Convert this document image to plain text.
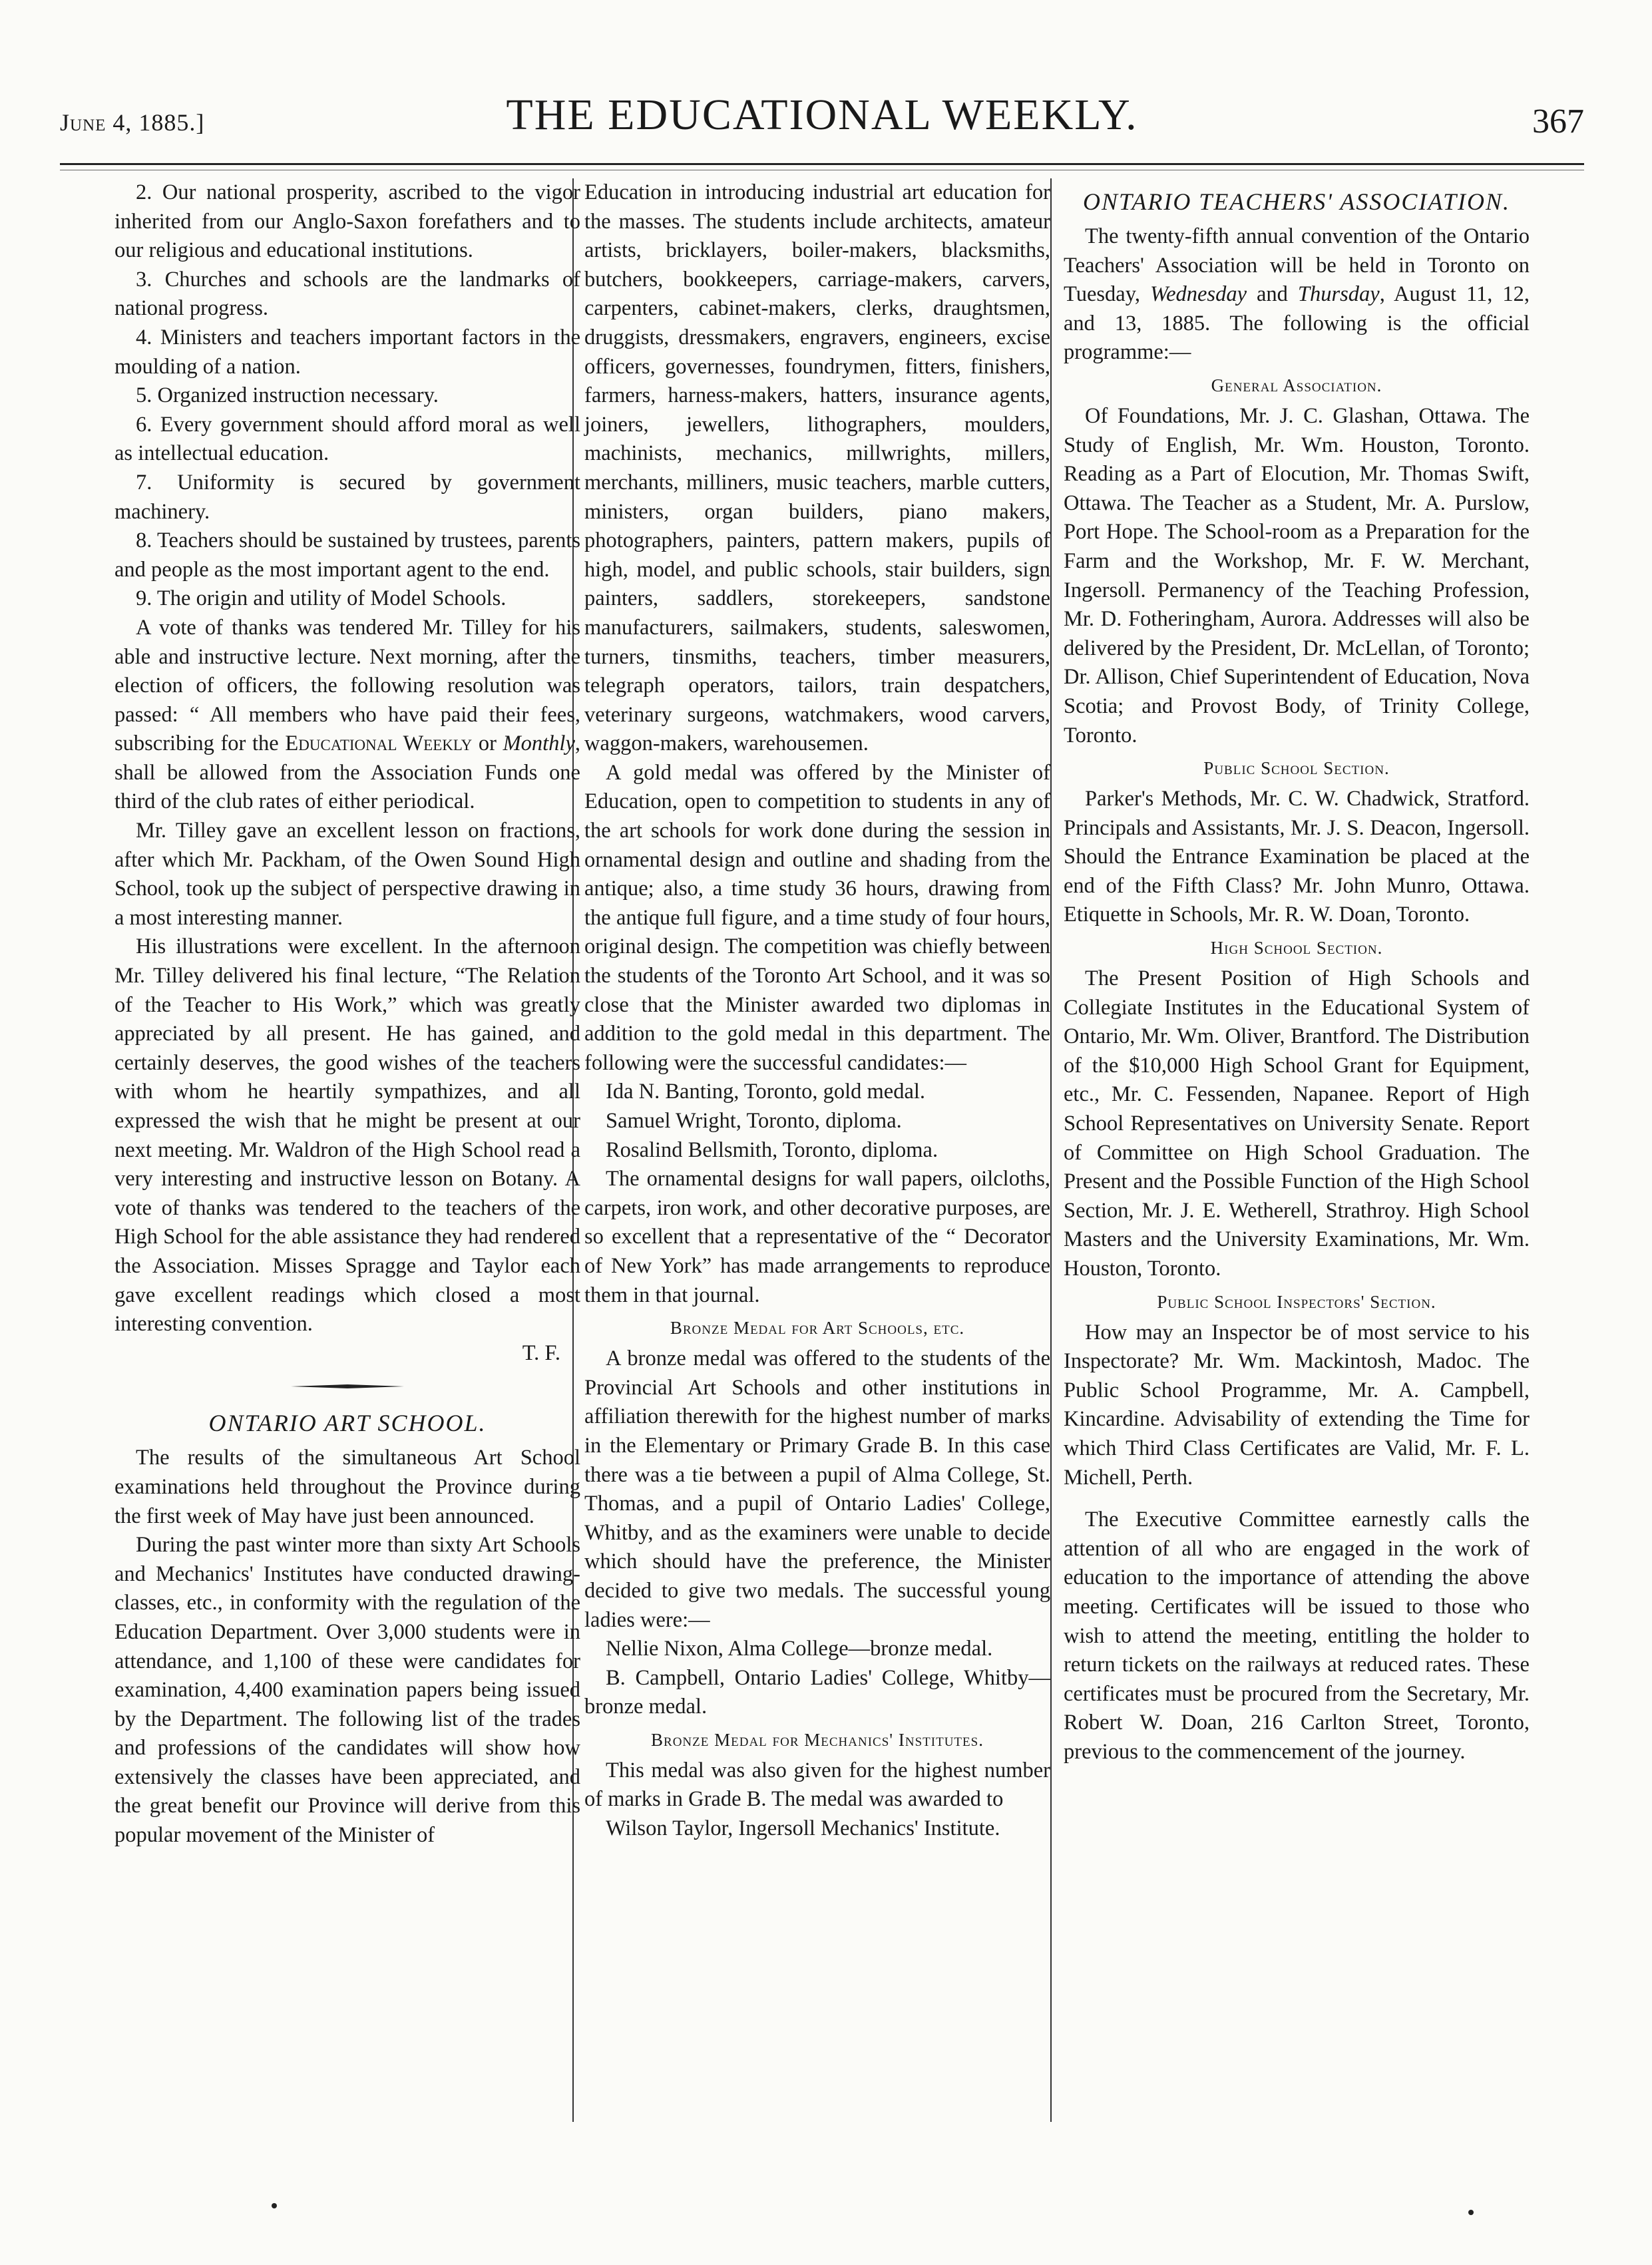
June 4, 1885.]	THE EDUCATIONAL WEEKLY.	367

2. Our national prosperity, ascribed to the vigor inherited from our Anglo-Saxon forefathers and to our religious and educational institutions.

3. Churches and schools are the landmarks of national progress.

4. Ministers and teachers important factors in the moulding of a nation.

5. Organized instruction necessary.

6. Every government should afford moral as well as intellectual education.

7. Uniformity is secured by government machinery.

8. Teachers should be sustained by trustees, parents and people as the most important agent to the end.

9. The origin and utility of Model Schools.

A vote of thanks was tendered Mr. Tilley for his able and instructive lecture. Next morning, after the election of officers, the following resolution was passed: “ All members who have paid their fees, subscribing for the Educational Weekly or Monthly, shall be allowed from the Association Funds one third of the club rates of either periodical.

Mr. Tilley gave an excellent lesson on fractions, after which Mr. Packham, of the Owen Sound High School, took up the subject of perspective drawing in a most interesting manner.

His illustrations were excellent. In the afternoon Mr. Tilley delivered his final lecture, “The Relation of the Teacher to His Work,” which was greatly appreciated by all present. He has gained, and certainly deserves, the good wishes of the teachers with whom he heartily sympathizes, and all expressed the wish that he might be present at our next meeting. Mr. Waldron of the High School read a very interesting and instructive lesson on Botany. A vote of thanks was tendered to the teachers of the High School for the able assistance they had rendered the Association. Misses Spragge and Taylor each gave excellent readings which closed a most interesting convention.

T. F.
ONTARIO ART SCHOOL.

The results of the simultaneous Art School examinations held throughout the Province during the first week of May have just been announced.

During the past winter more than sixty Art Schools and Mechanics' Institutes have conducted drawing-classes, etc., in conformity with the regulation of the Education Department. Over 3,000 students were in attendance, and 1,100 of these were candidates for examination, 4,400 examination papers being issued by the Department. The following list of the trades and professions of the candidates will show how extensively the classes have been appreciated, and the great benefit our Province will derive from this popular movement of the Minister of

Education in introducing industrial art education for the masses. The students include architects, amateur artists, bricklayers, boiler-makers, blacksmiths, butchers, bookkeepers, carriage-makers, carvers, carpenters, cabinet-makers, clerks, draughtsmen, druggists, dressmakers, engravers, engineers, excise officers, governesses, foundrymen, fitters, finishers, farmers, harness-makers, hatters, insurance agents, joiners, jewellers, lithographers, moulders, machinists, mechanics, millwrights, millers, merchants, milliners, music teachers, marble cutters, ministers, organ builders, piano makers, photographers, painters, pattern makers, pupils of high, model, and public schools, stair builders, sign painters, saddlers, storekeepers, sandstone manufacturers, sailmakers, students, saleswomen, turners, tinsmiths, teachers, timber measurers, telegraph operators, tailors, train despatchers, veterinary surgeons, watchmakers, wood carvers, waggon-makers, warehousemen.

A gold medal was offered by the Minister of Education, open to competition to students in any of the art schools for work done during the session in ornamental design and outline and shading from the antique; also, a time study 36 hours, drawing from the antique full figure, and a time study of four hours, original design. The competition was chiefly between the students of the Toronto Art School, and it was so close that the Minister awarded two diplomas in addition to the gold medal in this department. The following were the successful candidates:—

Ida N. Banting, Toronto, gold medal.

Samuel Wright, Toronto, diploma.

Rosalind Bellsmith, Toronto, diploma.

The ornamental designs for wall papers, oilcloths, carpets, iron work, and other decorative purposes, are so excellent that a representative of the “ Decorator of New York” has made arrangements to reproduce them in that journal.

Bronze Medal for Art Schools, etc.

A bronze medal was offered to the students of the Provincial Art Schools and other institutions in affiliation therewith for the highest number of marks in the Elementary or Primary Grade B. In this case there was a tie between a pupil of Alma College, St. Thomas, and a pupil of Ontario Ladies' College, Whitby, and as the examiners were unable to decide which should have the preference, the Minister decided to give two medals. The successful young ladies were:—

Nellie Nixon, Alma College—bronze medal.

B. Campbell, Ontario Ladies' College, Whitby—bronze medal.

Bronze Medal for Mechanics' Institutes.

This medal was also given for the highest number of marks in Grade B. The medal was awarded to

Wilson Taylor, Ingersoll Mechanics' Institute.

ONTARIO TEACHERS' ASSOCIATION.

The twenty-fifth annual convention of the Ontario Teachers' Association will be held in Toronto on Tuesday, Wednesday and Thursday, August 11, 12, and 13, 1885. The following is the official programme:—

General Association.

Of Foundations, Mr. J. C. Glashan, Ottawa. The Study of English, Mr. Wm. Houston, Toronto. Reading as a Part of Elocution, Mr. Thomas Swift, Ottawa. The Teacher as a Student, Mr. A. Purslow, Port Hope. The School-room as a Preparation for the Farm and the Workshop, Mr. F. W. Merchant, Ingersoll. Permanency of the Teaching Profession, Mr. D. Fotheringham, Aurora. Addresses will also be delivered by the President, Dr. McLellan, of Toronto; Dr. Allison, Chief Superintendent of Education, Nova Scotia; and Provost Body, of Trinity College, Toronto.

Public School Section.

Parker's Methods, Mr. C. W. Chadwick, Stratford. Principals and Assistants, Mr. J. S. Deacon, Ingersoll. Should the Entrance Examination be placed at the end of the Fifth Class? Mr. John Munro, Ottawa. Etiquette in Schools, Mr. R. W. Doan, Toronto.

High School Section.

The Present Position of High Schools and Collegiate Institutes in the Educational System of Ontario, Mr. Wm. Oliver, Brantford. The Distribution of the $10,000 High School Grant for Equipment, etc., Mr. C. Fessenden, Napanee. Report of High School Representatives on University Senate. Report of Committee on High School Graduation. The Present and the Possible Function of the High School Section, Mr. J. E. Wetherell, Strathroy. High School Masters and the University Examinations, Mr. Wm. Houston, Toronto.

Public School Inspectors' Section.

How may an Inspector be of most service to his Inspectorate? Mr. Wm. Mackintosh, Madoc. The Public School Programme, Mr. A. Campbell, Kincardine. Advisability of extending the Time for which Third Class Certificates are Valid, Mr. F. L. Michell, Perth.

The Executive Committee earnestly calls the attention of all who are engaged in the work of education to the importance of attending the above meeting. Certificates will be issued to those who wish to attend the meeting, entitling the holder to return tickets on the railways at reduced rates. These certificates must be procured from the Secretary, Mr. Robert W. Doan, 216 Carlton Street, Toronto, previous to the commencement of the journey.
